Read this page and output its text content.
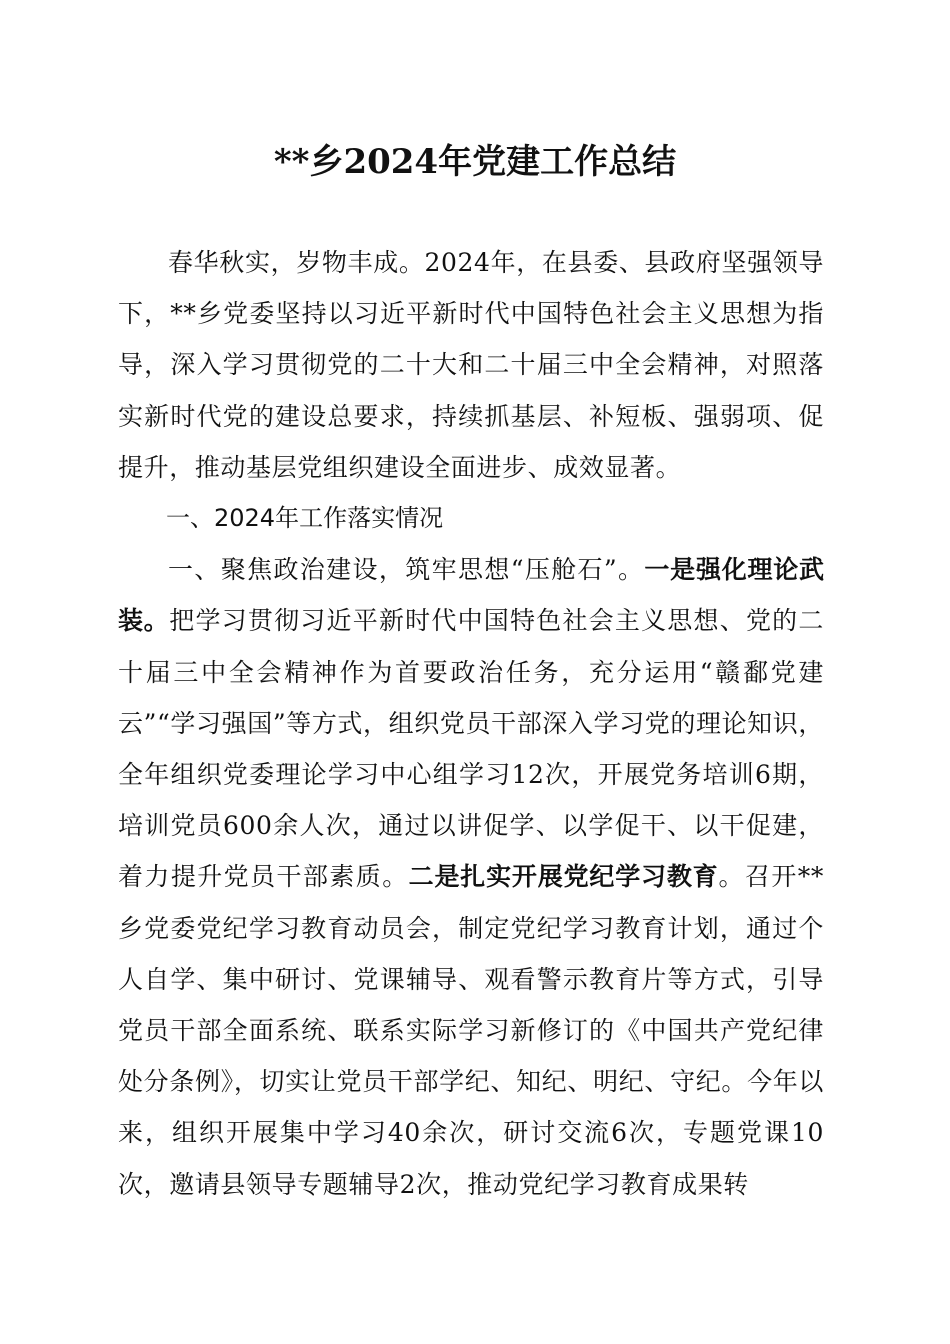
**乡2024年党建工作总结

春华秋实，岁物丰成。2024年，在县委、县政府坚强领导下，**乡党委坚持以习近平新时代中国特色社会主义思想为指导，深入学习贯彻党的二十大和二十届三中全会精神，对照落实新时代党的建设总要求，持续抓基层、补短板、强弱项、促提升，推动基层党组织建设全面进步、成效显著。

一、2024年工作落实情况

一、聚焦政治建设，筑牢思想“压舱石”。一是强化理论武装。把学习贯彻习近平新时代中国特色社会主义思想、党的二十届三中全会精神作为首要政治任务，充分运用“赣鄱党建云”“学习强国”等方式，组织党员干部深入学习党的理论知识，全年组织党委理论学习中心组学习12次，开展党务培训6期，培训党员600余人次，通过以讲促学、以学促干、以干促建，着力提升党员干部素质。二是扎实开展党纪学习教育。召开**乡党委党纪学习教育动员会，制定党纪学习教育计划，通过个人自学、集中研讨、党课辅导、观看警示教育片等方式，引导党员干部全面系统、联系实际学习新修订的《中国共产党纪律处分条例》，切实让党员干部学纪、知纪、明纪、守纪。今年以来，组织开展集中学习40余次，研讨交流6次，专题党课10次，邀请县领导专题辅导2次，推动党纪学习教育成果转
